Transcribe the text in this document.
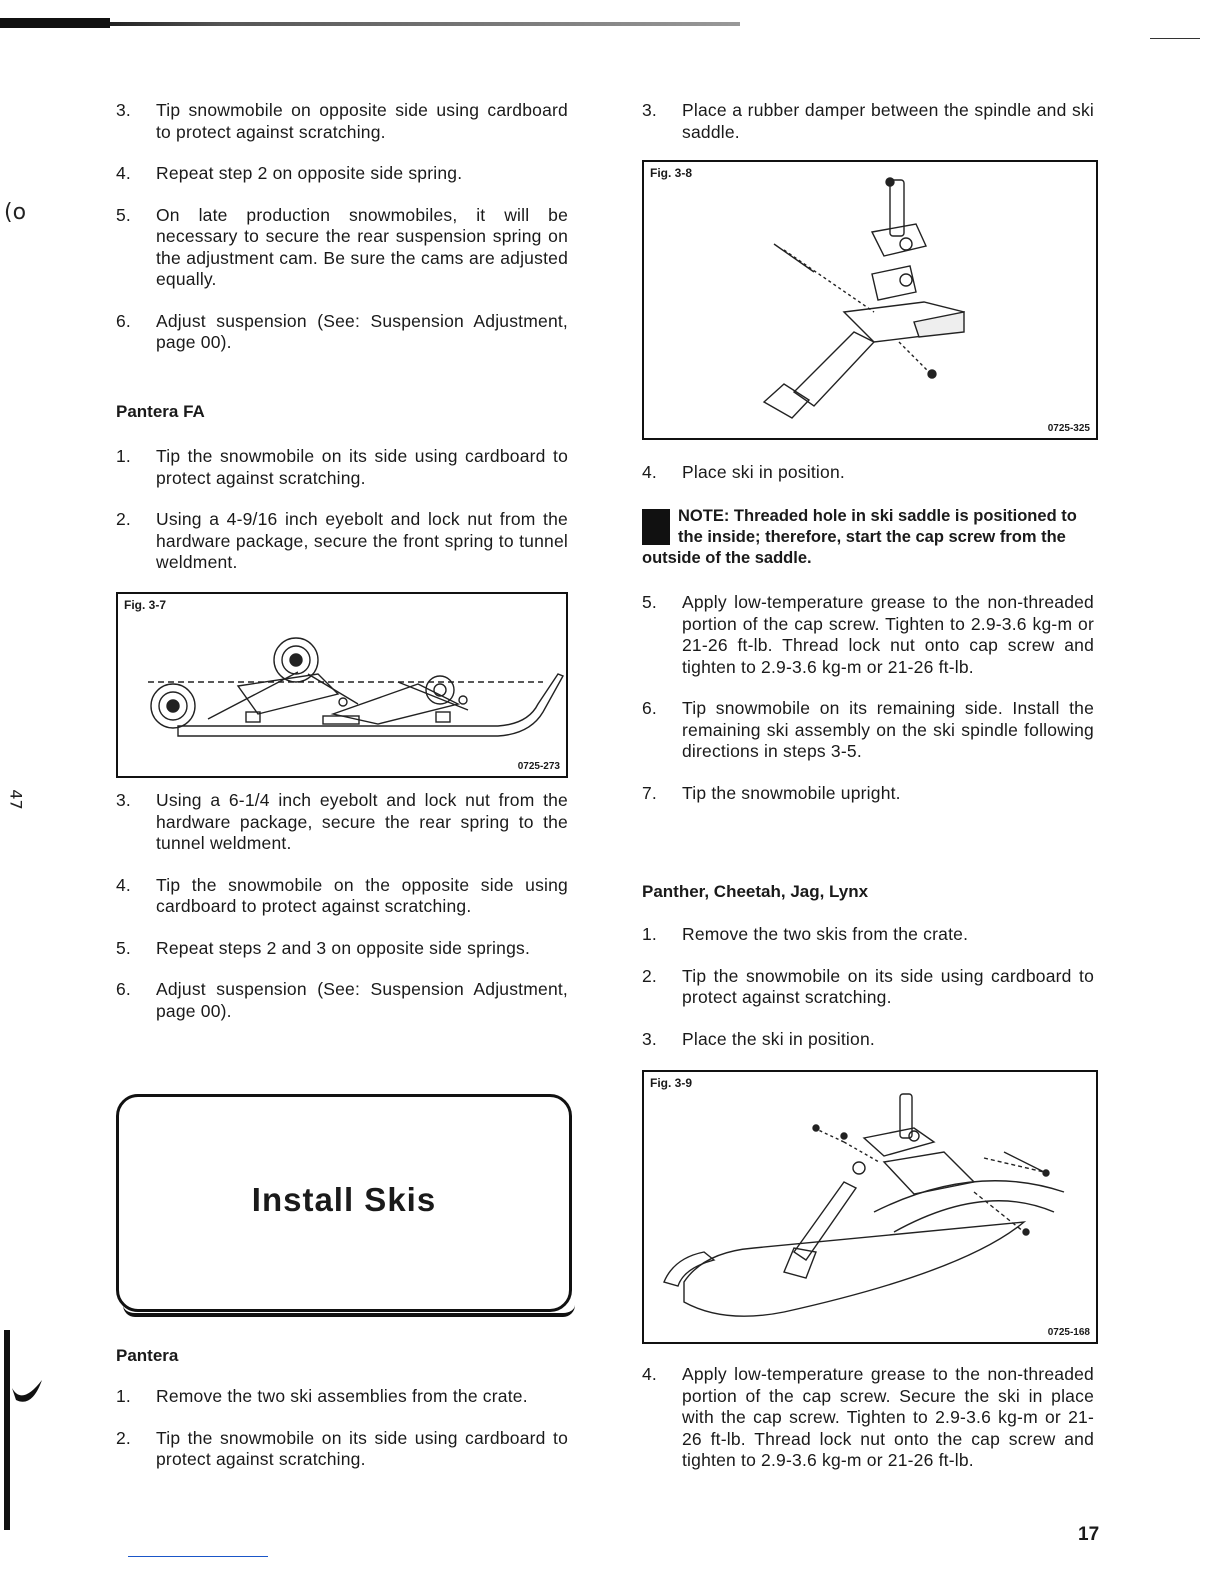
(o
47
3. Tip snowmobile on opposite side using cardboard to protect against scratching.
4. Repeat step 2 on opposite side spring.
5. On late production snowmobiles, it will be necessary to secure the rear suspension spring on the adjustment cam. Be sure the cams are adjusted equally.
6. Adjust suspension (See: Suspension Adjustment, page 00).
Pantera FA
1. Tip the snowmobile on its side using cardboard to protect against scratching.
2. Using a 4-9/16 inch eyebolt and lock nut from the hardware package, secure the front spring to tunnel weldment.
Fig. 3-7
0725-273
3. Using a 6-1/4 inch eyebolt and lock nut from the hardware package, secure the rear spring to the tunnel weldment.
4. Tip the snowmobile on the opposite side using cardboard to protect against scratching.
5. Repeat steps 2 and 3 on opposite side springs.
6. Adjust suspension (See: Suspension Adjustment, page 00).
Install Skis
Pantera
1. Remove the two ski assemblies from the crate.
2. Tip the snowmobile on its side using cardboard to protect against scratching.
3. Place a rubber damper between the spindle and ski saddle.
Fig. 3-8
0725-325
4. Place ski in position.
NOTE: Threaded hole in ski saddle is positioned to the inside; therefore, start the cap screw from the outside of the saddle.
5. Apply low-temperature grease to the non-threaded portion of the cap screw. Tighten to 2.9-3.6 kg-m or 21-26 ft-lb. Thread lock nut onto cap screw and tighten to 2.9-3.6 kg-m or 21-26 ft-lb.
6. Tip snowmobile on its remaining side. Install the remaining ski assembly on the ski spindle following directions in steps 3-5.
7. Tip the snowmobile upright.
Panther, Cheetah, Jag, Lynx
1. Remove the two skis from the crate.
2. Tip the snowmobile on its side using cardboard to protect against scratching.
3. Place the ski in position.
Fig. 3-9
0725-168
4. Apply low-temperature grease to the non-threaded portion of the cap screw. Secure the ski in place with the cap screw. Tighten to 2.9-3.6 kg-m or 21-26 ft-lb. Thread lock nut onto the cap screw and tighten to 2.9-3.6 kg-m or 21-26 ft-lb.
17
